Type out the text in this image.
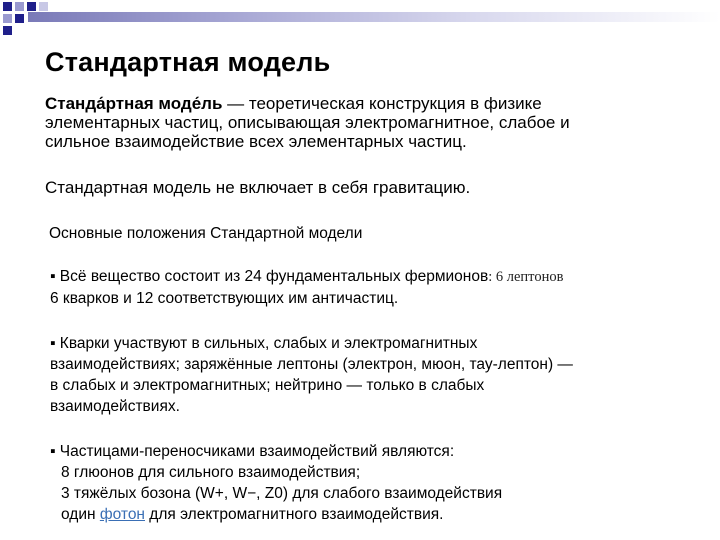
Стандартная модель
Станда́ртная моде́ль — теоретическая конструкция в физике
элементарных частиц, описывающая электромагнитное, слабое и
сильное взаимодействие всех элементарных частиц.
Стандартная модель не включает в себя гравитацию.
Основные положения Стандартной модели
▪ Всё вещество состоит из 24 фундаментальных фермионов: 6 лептонов
6 кварков и 12 соответствующих им античастиц.
▪ Кварки участвуют в сильных, слабых и электромагнитных
взаимодействиях; заряжённые лептоны (электрон, мюон, тау-лептон) —
в слабых и электромагнитных; нейтрино — только в слабых
взаимодействиях.
▪ Частицами-переносчиками взаимодействий являются:
8 глюонов для сильного взаимодействия;
3 тяжёлых бозона (W+, W−, Z0) для слабого взаимодействия
один фотон для электромагнитного взаимодействия.
